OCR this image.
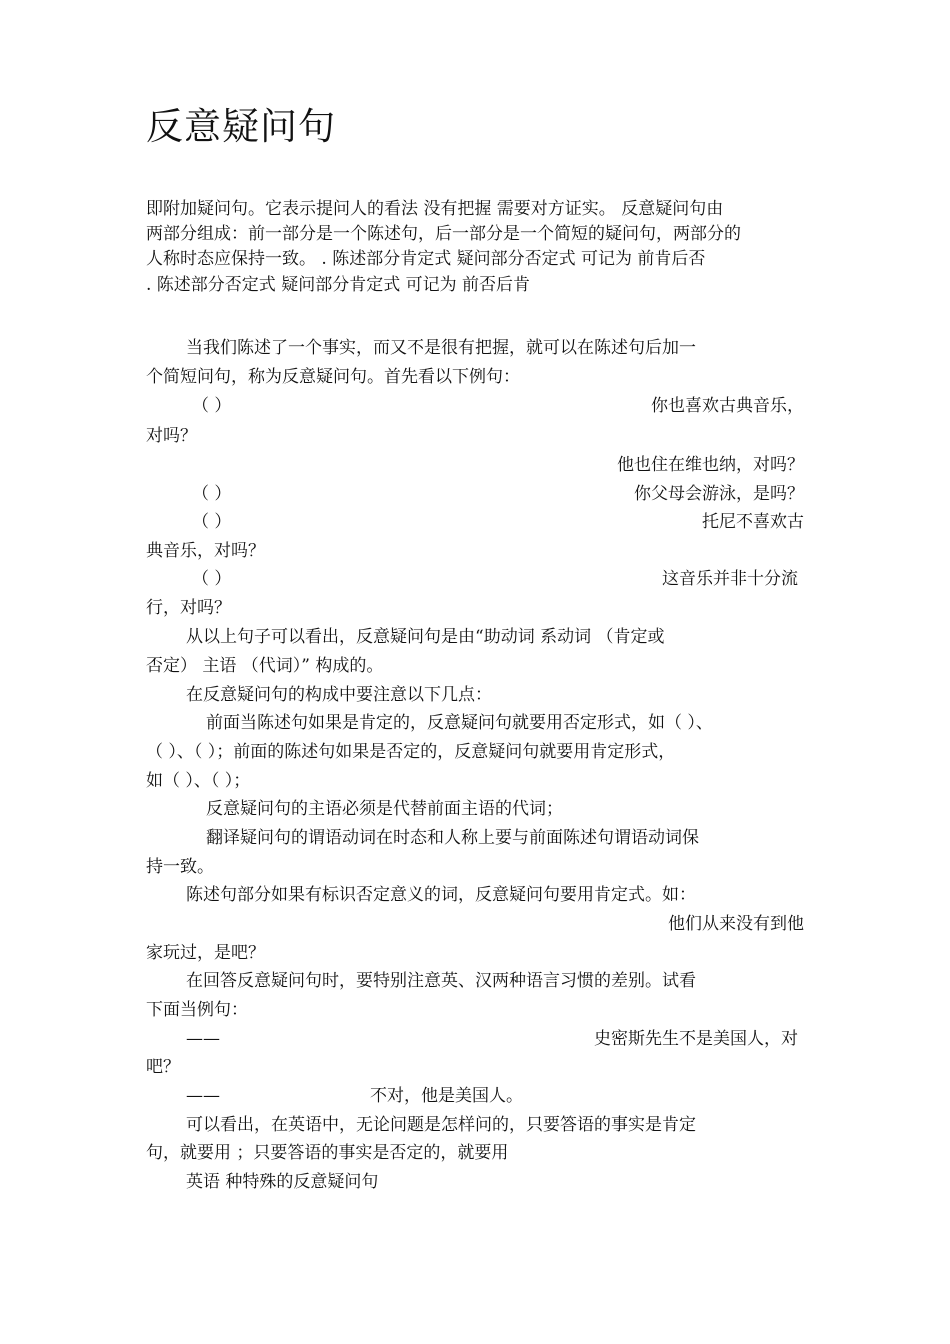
反意疑问句
即附加疑问句。它表示提问人的看法 没有把握 需要对方证实。 反意疑问句由
两部分组成：前一部分是一个陈述句，后一部分是一个简短的疑问句，两部分的
人称时态应保持一致。 . 陈述部分肯定式 疑问部分否定式 可记为 前肯后否
. 陈述部分否定式 疑问部分肯定式 可记为 前否后肯
当我们陈述了一个事实，而又不是很有把握，就可以在陈述句后加一
个简短问句，称为反意疑问句。首先看以下例句：
（ ）	你也喜欢古典音乐，
对吗？
他也住在维也纳，对吗？
（ ）	你父母会游泳，是吗？
（ ）	托尼不喜欢古
典音乐，对吗？
（ ）	这音乐并非十分流
行，对吗？
从以上句子可以看出，反意疑问句是由“助动词 系动词 （肯定或
否定） 主语 （代词）” 构成的。
在反意疑问句的构成中要注意以下几点：
前面当陈述句如果是肯定的，反意疑问句就要用否定形式，如（ ）、
（ ）、（ ）；前面的陈述句如果是否定的，反意疑问句就要用肯定形式，
如（ ）、（ ）；
反意疑问句的主语必须是代替前面主语的代词；
翻译疑问句的谓语动词在时态和人称上要与前面陈述句谓语动词保
持一致。
陈述句部分如果有标识否定意义的词，反意疑问句要用肯定式。如：
他们从来没有到他
家玩过，是吧？
在回答反意疑问句时，要特别注意英、汉两种语言习惯的差别。试看
下面当例句：
——	史密斯先生不是美国人，对
吧？
——	不对，他是美国人。
可以看出，在英语中，无论问题是怎样问的，只要答语的事实是肯定
句，就要用 ；只要答语的事实是否定的，就要用
英语 种特殊的反意疑问句
